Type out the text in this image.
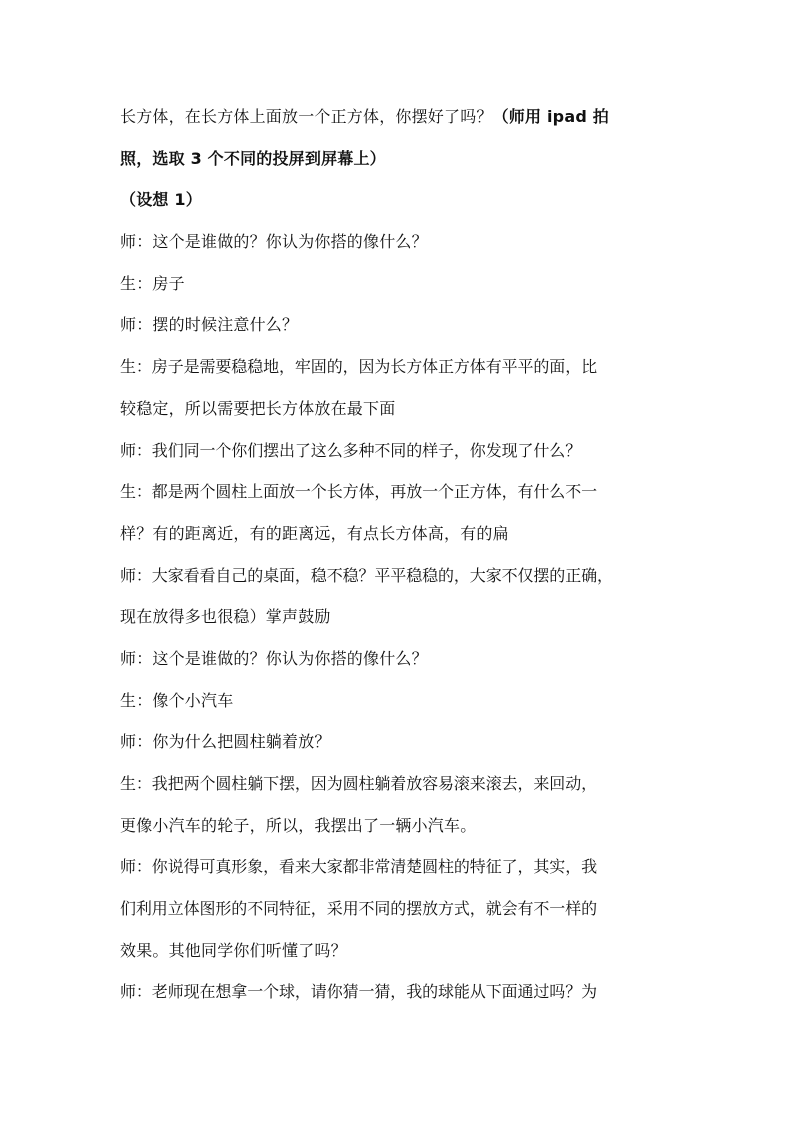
长方体，在长方体上面放一个正方体，你摆好了吗？（师用 ipad 拍
照，选取 3 个不同的投屏到屏幕上）
（设想 1）
师：这个是谁做的？你认为你搭的像什么？
生：房子
师：摆的时候注意什么？
生：房子是需要稳稳地，牢固的，因为长方体正方体有平平的面，比
较稳定，所以需要把长方体放在最下面
师：我们同一个你们摆出了这么多种不同的样子，你发现了什么？
生：都是两个圆柱上面放一个长方体，再放一个正方体，有什么不一
样？有的距离近，有的距离远，有点长方体高，有的扁
师：大家看看自己的桌面，稳不稳？平平稳稳的，大家不仅摆的正确，
现在放得多也很稳）掌声鼓励
师：这个是谁做的？你认为你搭的像什么？
生：像个小汽车
师：你为什么把圆柱躺着放？
生：我把两个圆柱躺下摆，因为圆柱躺着放容易滚来滚去，来回动，
更像小汽车的轮子，所以，我摆出了一辆小汽车。
师：你说得可真形象，看来大家都非常清楚圆柱的特征了，其实，我
们利用立体图形的不同特征，采用不同的摆放方式，就会有不一样的
效果。其他同学你们听懂了吗？
师：老师现在想拿一个球，请你猜一猜，我的球能从下面通过吗？为
